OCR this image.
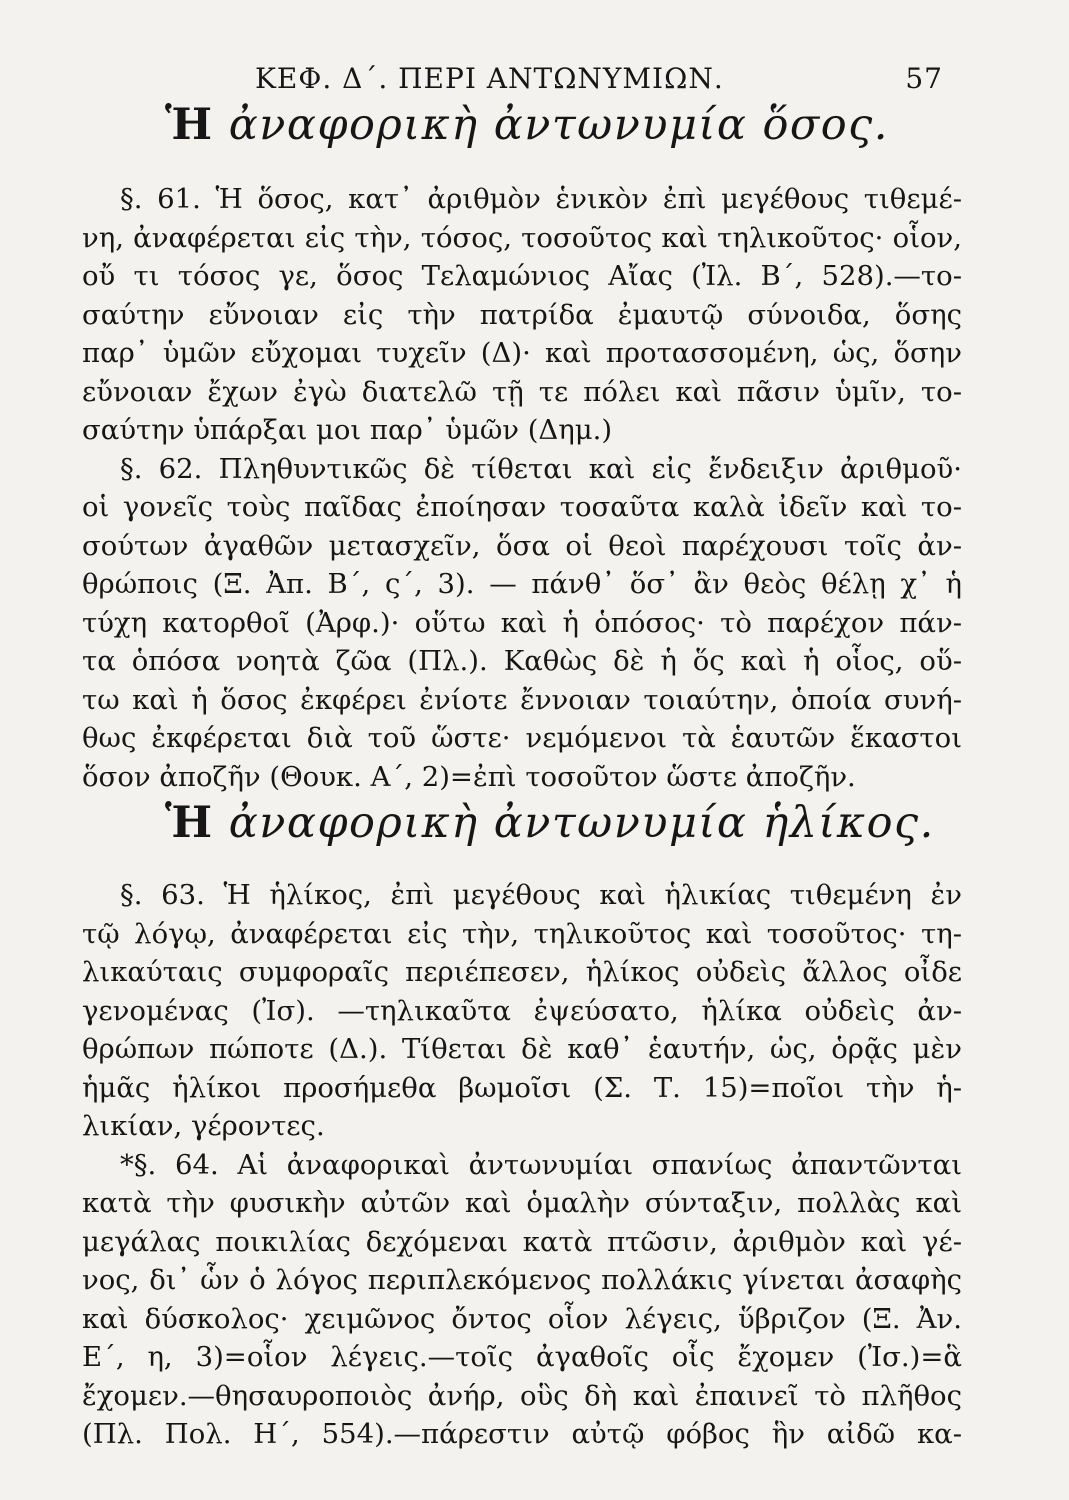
ΚΕΦ. Δ΄. ΠΕΡΙ ΑΝΤΩΝΥΜΙΩΝ.	57
Ἡ ἀναφορικὴ ἀντωνυμία ὅσος.
§. 61. Ἡ ὅσος, κατ᾿ ἀριθμὸν ἑνικὸν ἐπὶ μεγέθους τιθεμέ-
νη, ἀναφέρεται εἰς τὴν, τόσος, τοσοῦτος καὶ τηλικοῦτος· οἷον,
οὔ τι τόσος γε, ὅσος Τελαμώνιος Αἴας (Ἰλ. Β΄, 528).—το-
σαύτην εὔνοιαν εἰς τὴν πατρίδα ἐμαυτῷ σύνοιδα, ὅσης
παρ᾿ ὑμῶν εὔχομαι τυχεῖν (Δ)· καὶ προτασσομένη, ὡς, ὅσην
εὔνοιαν ἔχων ἐγὼ διατελῶ τῇ τε πόλει καὶ πᾶσιν ὑμῖν, το-
σαύτην ὑπάρξαι μοι παρ᾿ ὑμῶν (Δημ.)
§. 62. Πληθυντικῶς δὲ τίθεται καὶ εἰς ἔνδειξιν ἀριθμοῦ·
οἱ γονεῖς τοὺς παῖδας ἐποίησαν τοσαῦτα καλὰ ἰδεῖν καὶ το-
σούτων ἀγαθῶν μετασχεῖν, ὅσα οἱ θεοὶ παρέχουσι τοῖς ἀν-
θρώποις (Ξ. Ἀπ. Β΄, ς΄, 3). — πάνθ᾿ ὅσ᾿ ἂν θεὸς θέλῃ χ᾿ ἡ
τύχη κατορθοῖ (Ἀρφ.)· οὕτω καὶ ἡ ὁπόσος· τὸ παρέχον πάν-
τα ὁπόσα νοητὰ ζῶα (Πλ.). Καθὼς δὲ ἡ ὅς καὶ ἡ οἷος, οὕ-
τω καὶ ἡ ὅσος ἐκφέρει ἐνίοτε ἔννοιαν τοιαύτην, ὁποία συνή-
θως ἐκφέρεται διὰ τοῦ ὥστε· νεμόμενοι τὰ ἑαυτῶν ἕκαστοι
ὅσον ἀποζῆν (Θουκ. Α΄, 2)=ἐπὶ τοσοῦτον ὥστε ἀποζῆν.
Ἡ ἀναφορικὴ ἀντωνυμία ἡλίκος.
§. 63. Ἡ ἡλίκος, ἐπὶ μεγέθους καὶ ἡλικίας τιθεμένη ἐν
τῷ λόγῳ, ἀναφέρεται εἰς τὴν, τηλικοῦτος καὶ τοσοῦτος· τη-
λικαύταις συμφοραῖς περιέπεσεν, ἡλίκος οὐδεὶς ἄλλος οἶδε
γενομένας (Ἰσ). —τηλικαῦτα ἐψεύσατο, ἡλίκα οὐδεὶς ἀν-
θρώπων πώποτε (Δ.). Τίθεται δὲ καθ᾿ ἑαυτήν, ὡς, ὁρᾷς μὲν
ἡμᾶς ἡλίκοι προσήμεθα βωμοῖσι (Σ. Τ. 15)=ποῖοι τὴν ἡ-
λικίαν, γέροντες.
*§. 64. Αἱ ἀναφορικαὶ ἀντωνυμίαι σπανίως ἀπαντῶνται
κατὰ τὴν φυσικὴν αὐτῶν καὶ ὁμαλὴν σύνταξιν, πολλὰς καὶ
μεγάλας ποικιλίας δεχόμεναι κατὰ πτῶσιν, ἀριθμὸν καὶ γέ-
νος, δι᾿ ὧν ὁ λόγος περιπλεκόμενος πολλάκις γίνεται ἀσαφὴς
καὶ δύσκολος· χειμῶνος ὄντος οἷον λέγεις, ὕβριζον (Ξ. Ἀν.
Ε΄, η, 3)=οἷον λέγεις.—τοῖς ἀγαθοῖς οἷς ἔχομεν (Ἰσ.)=ἃ
ἔχομεν.—θησαυροποιὸς ἀνήρ, οὓς δὴ καὶ ἐπαινεῖ τὸ πλῆθος
(Πλ. Πολ. Η΄, 554).—πάρεστιν αὐτῷ φόβος ἣν αἰδῶ κα-
